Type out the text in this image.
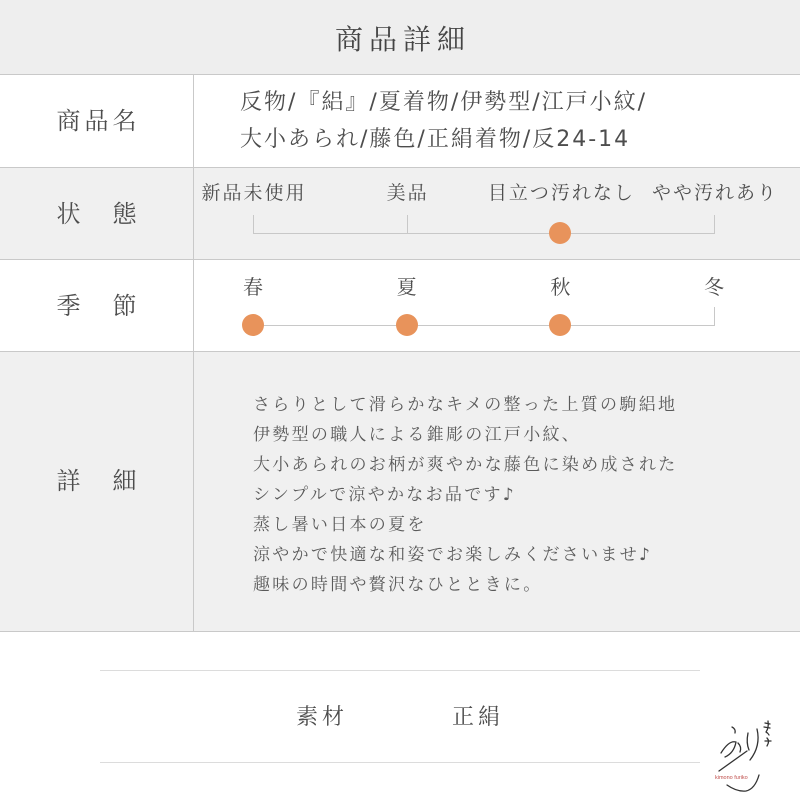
商品詳細
商品名

反物/『絽』/夏着物/伊勢型/江戸小紋/

大小あられ/藤色/正絹着物/反24-14

状態
新品未使用	美品	目立つ汚れなし やや汚れあり
季節
春	夏	秋	冬
詳細

さらりとして滑らかなキメの整った上質の駒絽地

伊勢型の職人による錐彫の江戸小紋、

大小あられのお柄が爽やかな藤色に染め成された

シンプルで涼やかなお品です♪

蒸し暑い日本の夏を

涼やかで快適な和姿でお楽しみくださいませ♪

趣味の時間や贅沢なひとときに。

素材	正絹
kimono furiko
